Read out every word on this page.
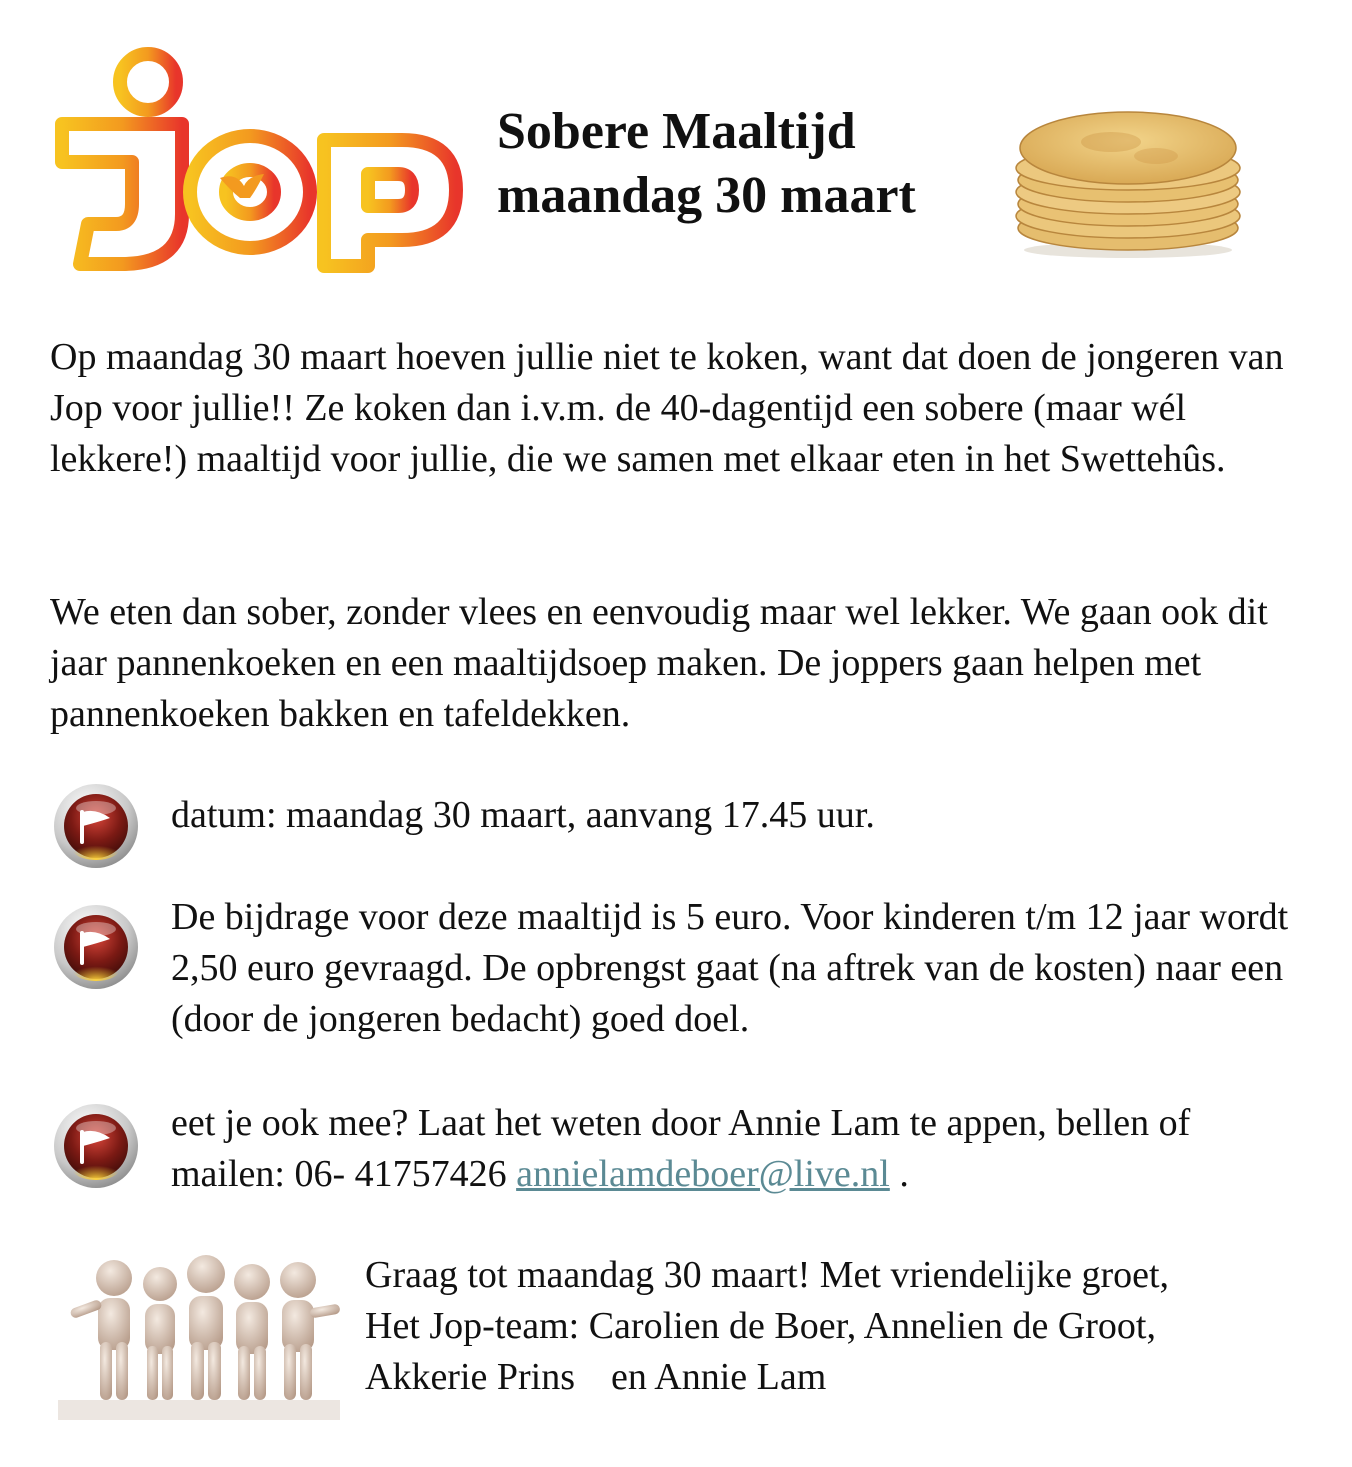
Sobere Maaltijd
maandag 30 maart

Op maandag 30 maart hoeven jullie niet te koken, want dat doen de jongeren van Jop voor jullie!! Ze koken dan i.v.m. de 40-dagentijd een sobere (maar wél lekkere!) maaltijd voor jullie, die we samen met elkaar eten in het Swettehûs.

We eten dan sober, zonder vlees en eenvoudig maar wel lekker. We gaan ook dit jaar pannenkoeken en een maaltijdsoep maken. De joppers gaan helpen met pannenkoeken bakken en tafeldekken.

datum: maandag 30 maart, aanvang 17.45 uur.

De bijdrage voor deze maaltijd is 5 euro. Voor kinderen t/m 12 jaar wordt 2,50 euro gevraagd. De opbrengst gaat (na aftrek van de kosten) naar een (door de jongeren bedacht) goed doel.

eet je ook mee? Laat het weten door Annie Lam te appen, bellen of mailen: 06- 41757426 annielamdeboer@live.nl .

Graag tot maandag 30 maart! Met vriendelijke groet,
Het Jop-team: Carolien de Boer, Annelien de Groot,
Akkerie Prins en Annie Lam
